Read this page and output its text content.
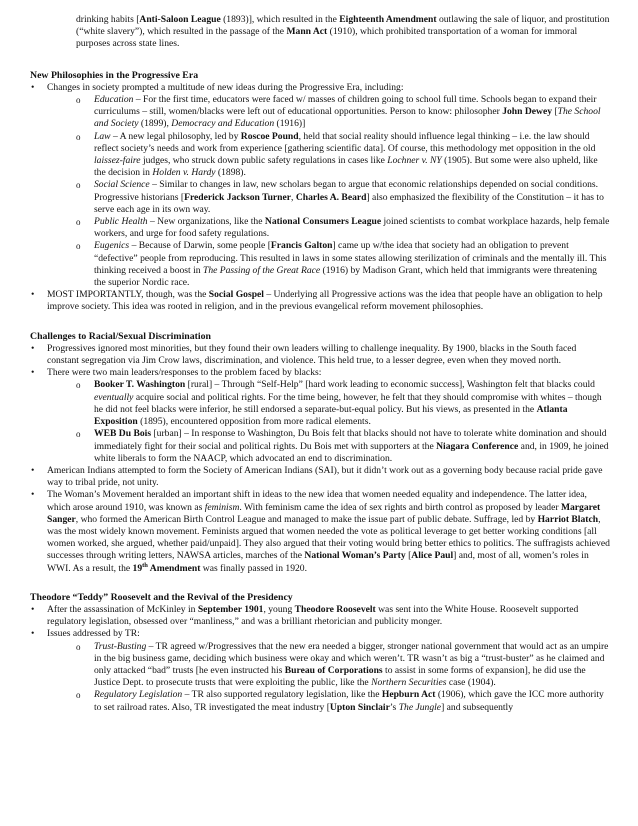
drinking habits [Anti-Saloon League (1893)], which resulted in the Eighteenth Amendment outlawing the sale of liquor, and prostitution (“white slavery”), which resulted in the passage of the Mann Act (1910), which prohibited transportation of a woman for immoral purposes across state lines.
New Philosophies in the Progressive Era
• Changes in society prompted a multitude of new ideas during the Progressive Era, including:
o Education – For the first time, educators were faced w/ masses of children going to school full time. Schools began to expand their curriculums – still, women/blacks were left out of educational opportunities. Person to know: philosopher John Dewey [The School and Society (1899), Democracy and Education (1916)]
o Law – A new legal philosophy, led by Roscoe Pound, held that social reality should influence legal thinking – i.e. the law should reflect society’s needs and work from experience [gathering scientific data]. Of course, this methodology met opposition in the old laissez-faire judges, who struck down public safety regulations in cases like Lochner v. NY (1905). But some were also upheld, like the decision in Holden v. Hardy (1898).
o Social Science – Similar to changes in law, new scholars began to argue that economic relationships depended on social conditions. Progressive historians [Frederick Jackson Turner, Charles A. Beard] also emphasized the flexibility of the Constitution – it has to serve each age in its own way.
o Public Health – New organizations, like the National Consumers League joined scientists to combat workplace hazards, help female workers, and urge for food safety regulations.
o Eugenics – Because of Darwin, some people [Francis Galton] came up w/the idea that society had an obligation to prevent “defective” people from reproducing. This resulted in laws in some states allowing sterilization of criminals and the mentally ill. This thinking received a boost in The Passing of the Great Race (1916) by Madison Grant, which held that immigrants were threatening the superior Nordic race.
• MOST IMPORTANTLY, though, was the Social Gospel – Underlying all Progressive actions was the idea that people have an obligation to help improve society. This idea was rooted in religion, and in the previous evangelical reform movement philosophies.
Challenges to Racial/Sexual Discrimination
• Progressives ignored most minorities, but they found their own leaders willing to challenge inequality. By 1900, blacks in the South faced constant segregation via Jim Crow laws, discrimination, and violence. This held true, to a lesser degree, even when they moved north.
• There were two main leaders/responses to the problem faced by blacks:
o Booker T. Washington [rural] – Through “Self-Help” [hard work leading to economic success], Washington felt that blacks could eventually acquire social and political rights. For the time being, however, he felt that they should compromise with whites – though he did not feel blacks were inferior, he still endorsed a separate-but-equal policy. But his views, as presented in the Atlanta Exposition (1895), encountered opposition from more radical elements.
o WEB Du Bois [urban] – In response to Washington, Du Bois felt that blacks should not have to tolerate white domination and should immediately fight for their social and political rights. Du Bois met with supporters at the Niagara Conference and, in 1909, he joined white liberals to form the NAACP, which advocated an end to discrimination.
• American Indians attempted to form the Society of American Indians (SAI), but it didn’t work out as a governing body because racial pride gave way to tribal pride, not unity.
• The Woman’s Movement heralded an important shift in ideas to the new idea that women needed equality and independence. The latter idea, which arose around 1910, was known as feminism. With feminism came the idea of sex rights and birth control as proposed by leader Margaret Sanger, who formed the American Birth Control League and managed to make the issue part of public debate. Suffrage, led by Harriot Blatch, was the most widely known movement. Feminists argued that women needed the vote as political leverage to get better working conditions [all women worked, she argued, whether paid/unpaid]. They also argued that their voting would bring better ethics to politics. The suffragists achieved successes through writing letters, NAWSA articles, marches of the National Woman’s Party [Alice Paul] and, most of all, women’s roles in WWI. As a result, the 19th Amendment was finally passed in 1920.
Theodore “Teddy” Roosevelt and the Revival of the Presidency
• After the assassination of McKinley in September 1901, young Theodore Roosevelt was sent into the White House. Roosevelt supported regulatory legislation, obsessed over “manliness,” and was a brilliant rhetorician and publicity monger.
• Issues addressed by TR:
o Trust-Busting – TR agreed w/Progressives that the new era needed a bigger, stronger national government that would act as an umpire in the big business game, deciding which business were okay and which weren’t. TR wasn’t as big a “trust-buster” as he claimed and only attacked “bad” trusts [he even instructed his Bureau of Corporations to assist in some forms of expansion], he did use the Justice Dept. to prosecute trusts that were exploiting the public, like the Northern Securities case (1904).
o Regulatory Legislation – TR also supported regulatory legislation, like the Hepburn Act (1906), which gave the ICC more authority to set railroad rates. Also, TR investigated the meat industry [Upton Sinclair’s The Jungle] and subsequently
